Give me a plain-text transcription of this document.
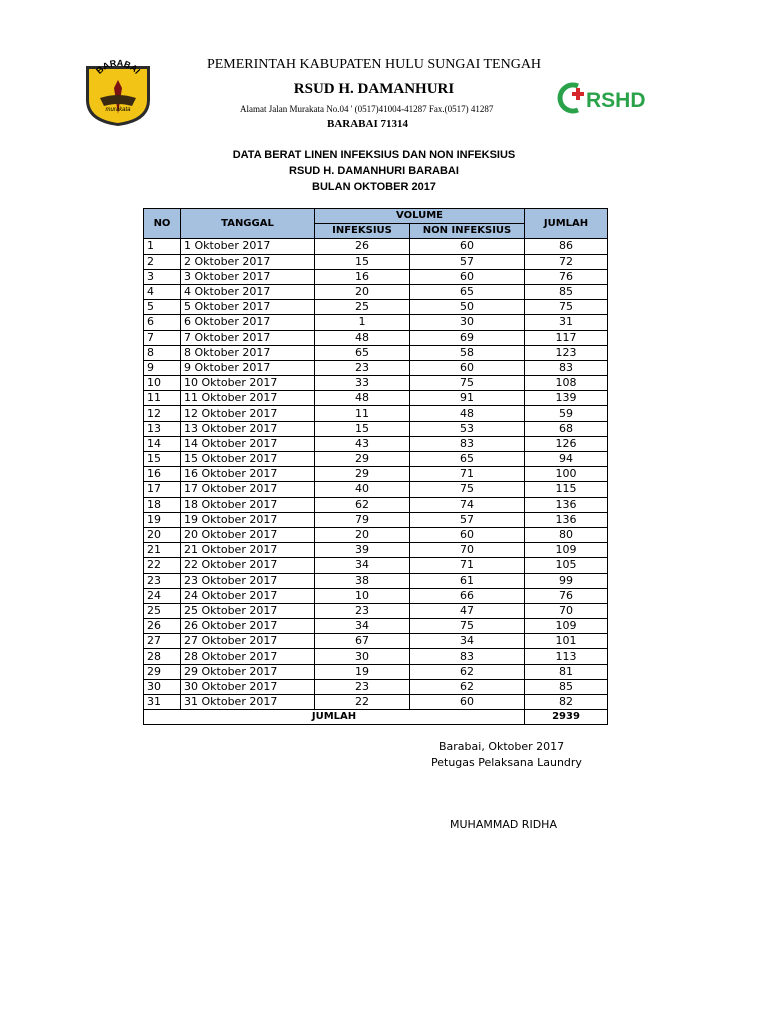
BARABAI
murakata
PEMERINTAH KABUPATEN HULU SUNGAI TENGAH
RSUD H. DAMANHURI
Alamat Jalan Murakata No.04 ' (0517)41004-41287 Fax.(0517) 41287
BARABAI 71314
RSHD
DATA BERAT LINEN INFEKSIUS DAN NON INFEKSIUS
RSUD H. DAMANHURI BARABAI
BULAN OKTOBER 2017
NO	TANGGAL	VOLUME		JUMLAH
		INFEKSIUS	NON INFEKSIUS	
1	1 Oktober 2017	26	60	86
2	2 Oktober 2017	15	57	72
3	3 Oktober 2017	16	60	76
4	4 Oktober 2017	20	65	85
5	5 Oktober 2017	25	50	75
6	6 Oktober 2017	1	30	31
7	7 Oktober 2017	48	69	117
8	8 Oktober 2017	65	58	123
9	9 Oktober 2017	23	60	83
10	10 Oktober 2017	33	75	108
11	11 Oktober 2017	48	91	139
12	12 Oktober 2017	11	48	59
13	13 Oktober 2017	15	53	68
14	14 Oktober 2017	43	83	126
15	15 Oktober 2017	29	65	94
16	16 Oktober 2017	29	71	100
17	17 Oktober 2017	40	75	115
18	18 Oktober 2017	62	74	136
19	19 Oktober 2017	79	57	136
20	20 Oktober 2017	20	60	80
21	21 Oktober 2017	39	70	109
22	22 Oktober 2017	34	71	105
23	23 Oktober 2017	38	61	99
24	24 Oktober 2017	10	66	76
25	25 Oktober 2017	23	47	70
26	26 Oktober 2017	34	75	109
27	27 Oktober 2017	67	34	101
28	28 Oktober 2017	30	83	113
29	29 Oktober 2017	19	62	81
30	30 Oktober 2017	23	62	85
31	31 Oktober 2017	22	60	82
JUMLAH				2939
Barabai, Oktober 2017
Petugas Pelaksana Laundry
MUHAMMAD RIDHA
